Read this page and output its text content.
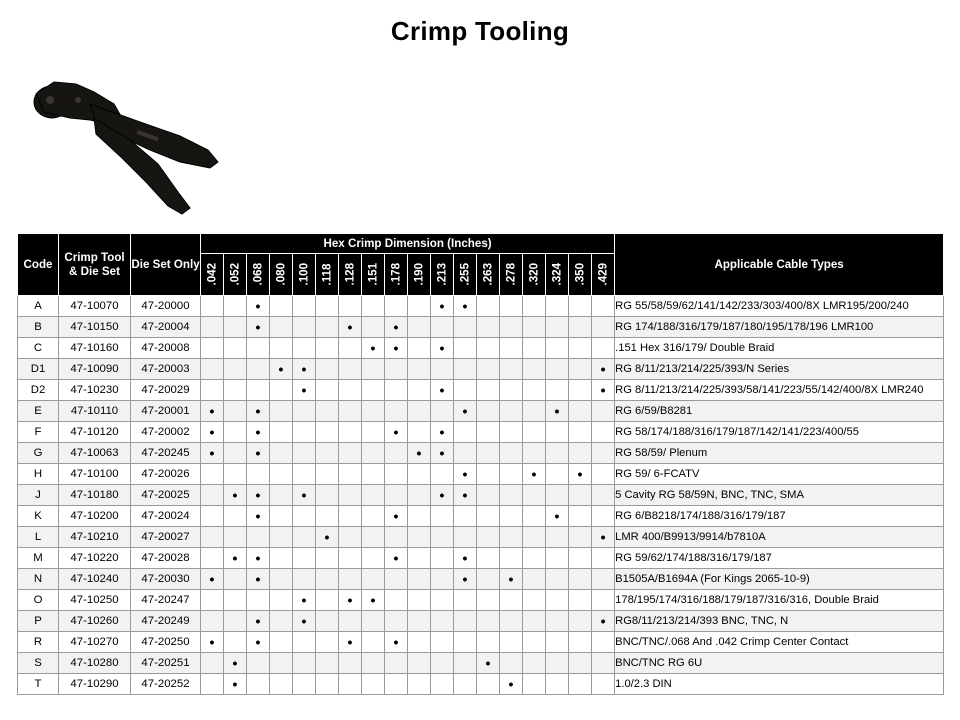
Crimp Tooling
Code	Crimp Tool & Die Set	Die Set Only	Hex Crimp Dimension (Inches)																		Applicable Cable Types

			.042	.052	.068	.080	.100	.118	.128	.151	.178	.190	.213	.255	.263	.278	.320	.324	.350	.429	

A	47-10070	47-20000			•								•	•							RG 55/58/59/62/141/142/233/303/400/8X LMR195/200/240
B	47-10150	47-20004			•				•		•										RG 174/188/316/179/187/180/195/178/196 LMR100
C	47-10160	47-20008								•	•		•								.151 Hex 316/179/ Double Braid
D1	47-10090	47-20003				•	•													•	RG 8/11/213/214/225/393/N Series
D2	47-10230	47-20029					•						•							•	RG 8/11/213/214/225/393/58/141/223/55/142/400/8X LMR240
E	47-10110	47-20001	•		•									•				•			RG 6/59/B8281
F	47-10120	47-20002	•		•						•		•								RG 58/174/188/316/179/187/142/141/223/400/55
G	47-10063	47-20245	•		•							•	•								RG 58/59/ Plenum
H	47-10100	47-20026												•			•		•		RG 59/ 6-FCATV
J	47-10180	47-20025		•	•		•						•	•							5 Cavity RG 58/59N, BNC, TNC, SMA
K	47-10200	47-20024			•						•							•			RG 6/B8218/174/188/316/179/187
L	47-10210	47-20027						•												•	LMR 400/B9913/9914/b7810A
M	47-10220	47-20028		•	•						•			•							RG 59/62/174/188/316/179/187
N	47-10240	47-20030	•		•									•		•					B1505A/B1694A (For Kings 2065-10-9)
O	47-10250	47-20247					•		•	•											178/195/174/316/188/179/187/316/316, Double Braid
P	47-10260	47-20249			•		•													•	RG8/11/213/214/393 BNC, TNC, N
R	47-10270	47-20250	•		•				•		•										BNC/TNC/.068 And .042 Crimp Center Contact
S	47-10280	47-20251		•											•						BNC/TNC RG 6U
T	47-10290	47-20252		•												•					1.0/2.3 DIN
